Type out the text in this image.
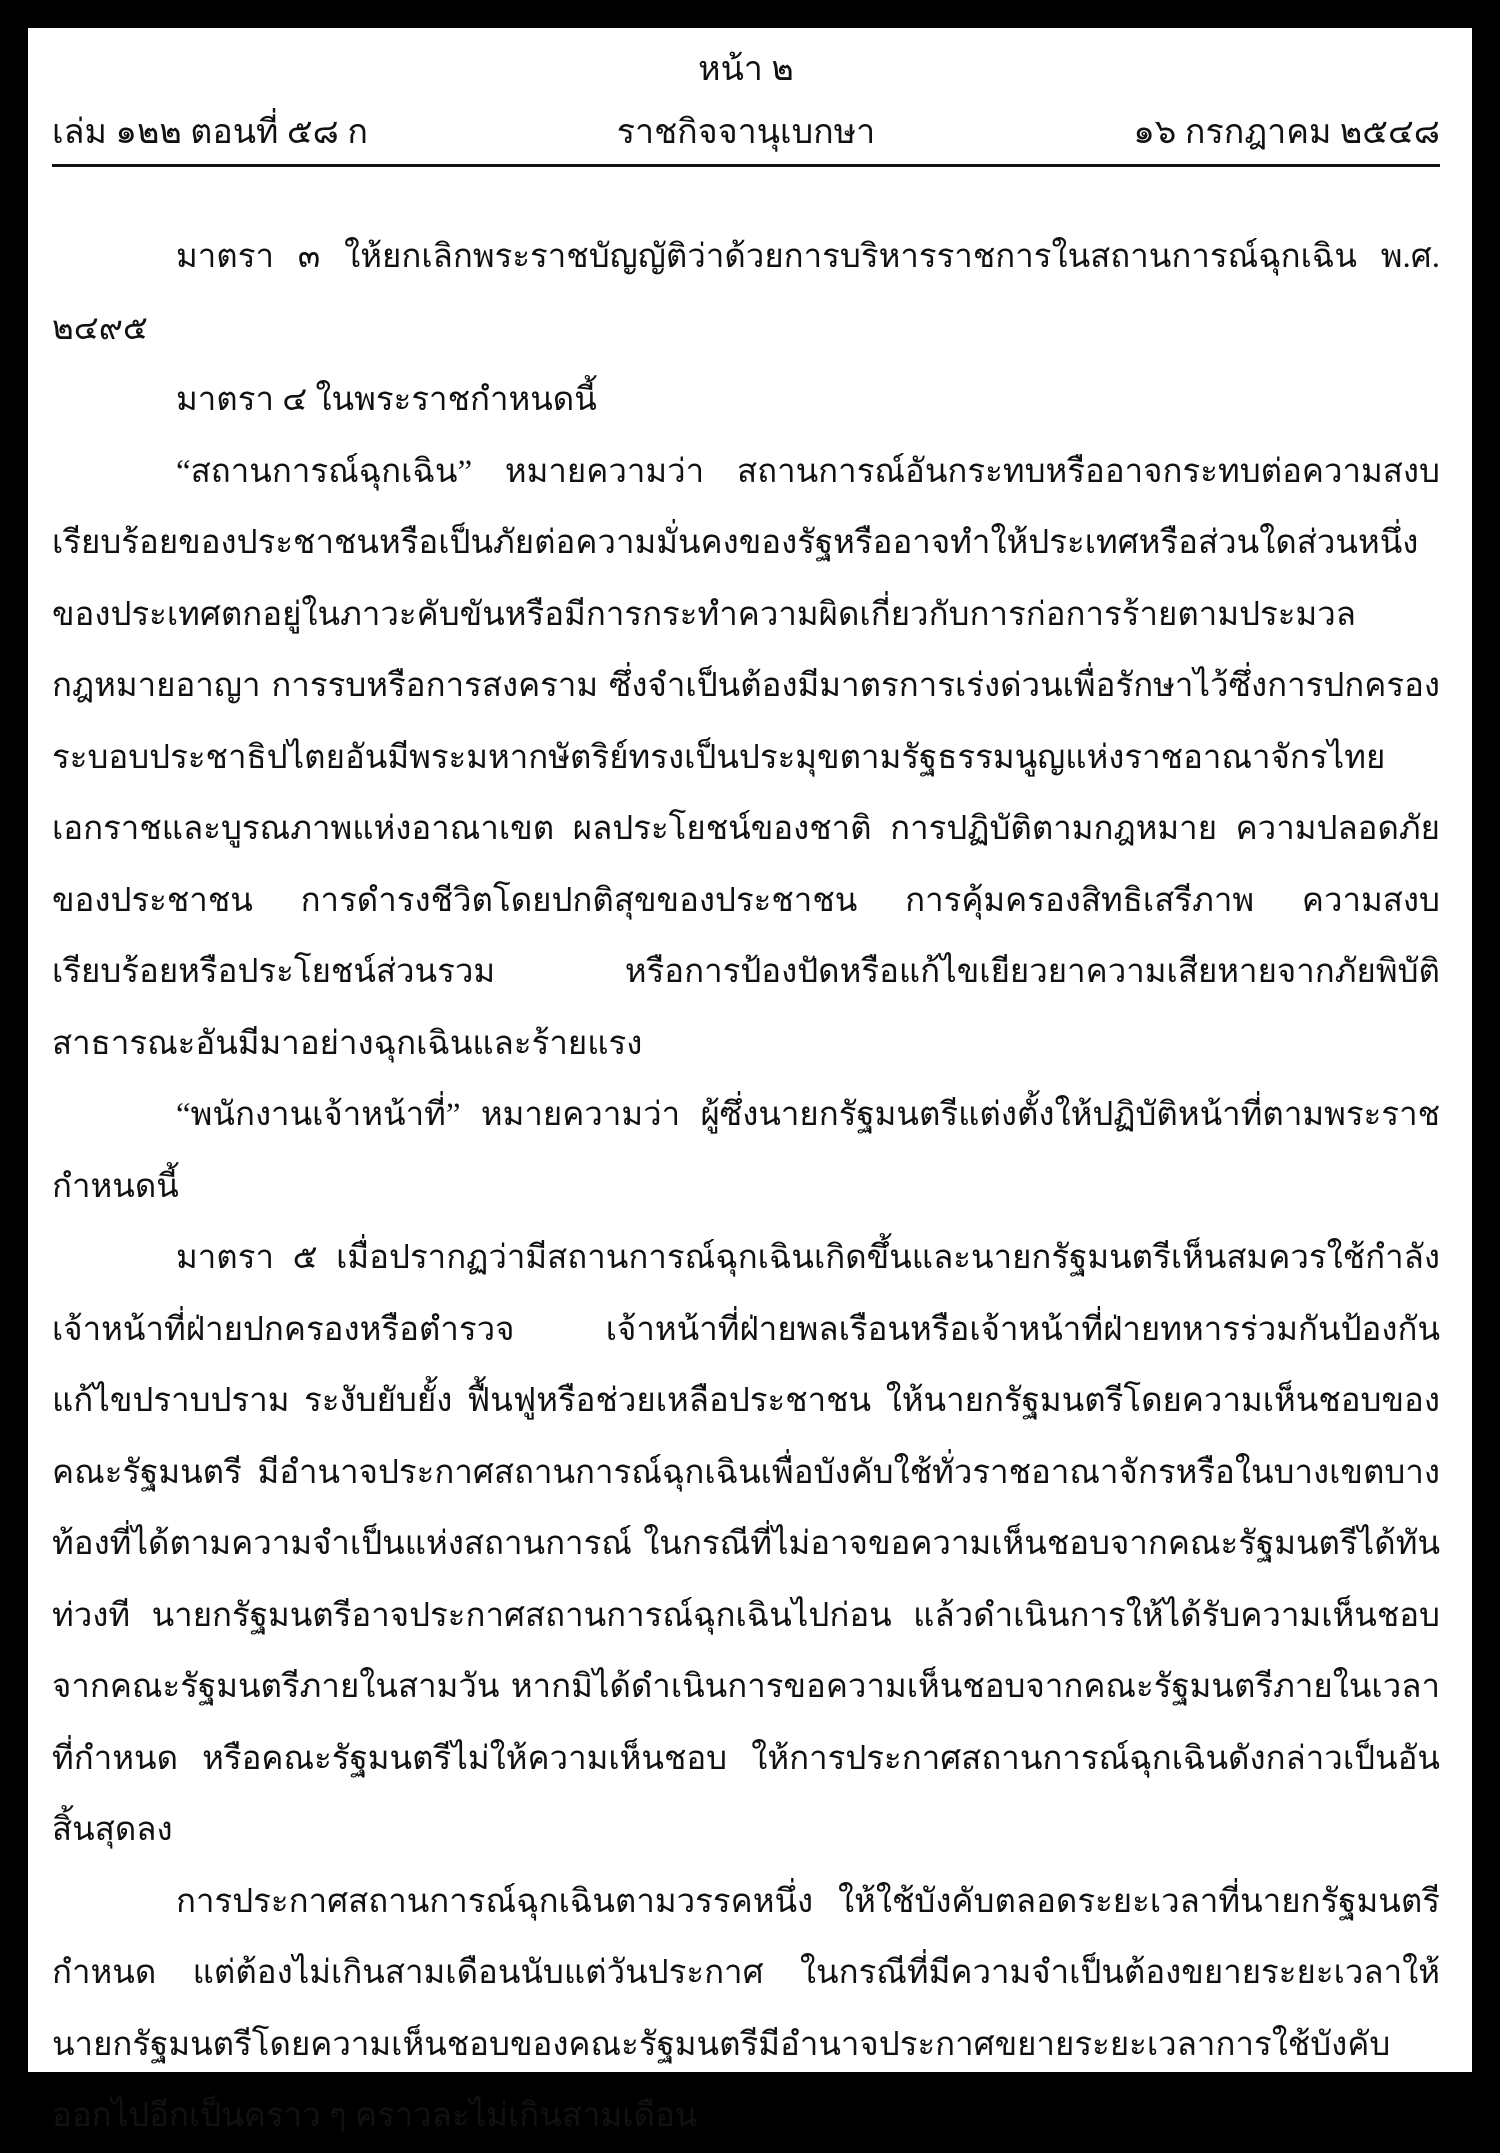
หน้า ๒
ราชกิจจานุเบกษา
เล่ม ๑๒๒ ตอนที่ ๕๘ ก	๑๖ กรกฎาคม ๒๕๔๘

มาตรา ๓ ให้ยกเลิกพระราชบัญญัติว่าด้วยการบริหารราชการในสถานการณ์ฉุกเฉิน พ.ศ. ๒๔๙๕

มาตรา ๔ ในพระราชกำหนดนี้

“สถานการณ์ฉุกเฉิน” หมายความว่า สถานการณ์อันกระทบหรืออาจกระทบต่อความสงบเรียบร้อยของประชาชนหรือเป็นภัยต่อความมั่นคงของรัฐหรืออาจทำให้ประเทศหรือส่วนใดส่วนหนึ่งของประเทศตกอยู่ในภาวะคับขันหรือมีการกระทำความผิดเกี่ยวกับการก่อการร้ายตามประมวลกฎหมายอาญา การรบหรือการสงคราม ซึ่งจำเป็นต้องมีมาตรการเร่งด่วนเพื่อรักษาไว้ซึ่งการปกครองระบอบประชาธิปไตยอันมีพระมหากษัตริย์ทรงเป็นประมุขตามรัฐธรรมนูญแห่งราชอาณาจักรไทยเอกราชและบูรณภาพแห่งอาณาเขต ผลประโยชน์ของชาติ การปฏิบัติตามกฎหมาย ความปลอดภัยของประชาชน การดำรงชีวิตโดยปกติสุขของประชาชน การคุ้มครองสิทธิเสรีภาพ ความสงบเรียบร้อยหรือประโยชน์ส่วนรวม หรือการป้องปัดหรือแก้ไขเยียวยาความเสียหายจากภัยพิบัติสาธารณะอันมีมาอย่างฉุกเฉินและร้ายแรง

“พนักงานเจ้าหน้าที่” หมายความว่า ผู้ซึ่งนายกรัฐมนตรีแต่งตั้งให้ปฏิบัติหน้าที่ตามพระราชกำหนดนี้

มาตรา ๕ เมื่อปรากฏว่ามีสถานการณ์ฉุกเฉินเกิดขึ้นและนายกรัฐมนตรีเห็นสมควรใช้กำลังเจ้าหน้าที่ฝ่ายปกครองหรือตำรวจ เจ้าหน้าที่ฝ่ายพลเรือนหรือเจ้าหน้าที่ฝ่ายทหารร่วมกันป้องกัน แก้ไขปราบปราม ระงับยับยั้ง ฟื้นฟูหรือช่วยเหลือประชาชน ให้นายกรัฐมนตรีโดยความเห็นชอบของคณะรัฐมนตรี มีอำนาจประกาศสถานการณ์ฉุกเฉินเพื่อบังคับใช้ทั่วราชอาณาจักรหรือในบางเขตบางท้องที่ได้ตามความจำเป็นแห่งสถานการณ์ ในกรณีที่ไม่อาจขอความเห็นชอบจากคณะรัฐมนตรีได้ทันท่วงที นายกรัฐมนตรีอาจประกาศสถานการณ์ฉุกเฉินไปก่อน แล้วดำเนินการให้ได้รับความเห็นชอบจากคณะรัฐมนตรีภายในสามวัน หากมิได้ดำเนินการขอความเห็นชอบจากคณะรัฐมนตรีภายในเวลาที่กำหนด หรือคณะรัฐมนตรีไม่ให้ความเห็นชอบ ให้การประกาศสถานการณ์ฉุกเฉินดังกล่าวเป็นอันสิ้นสุดลง

การประกาศสถานการณ์ฉุกเฉินตามวรรคหนึ่ง ให้ใช้บังคับตลอดระยะเวลาที่นายกรัฐมนตรีกำหนด แต่ต้องไม่เกินสามเดือนนับแต่วันประกาศ ในกรณีที่มีความจำเป็นต้องขยายระยะเวลาให้นายกรัฐมนตรีโดยความเห็นชอบของคณะรัฐมนตรีมีอำนาจประกาศขยายระยะเวลาการใช้บังคับออกไปอีกเป็นคราว ๆ คราวละไม่เกินสามเดือน
